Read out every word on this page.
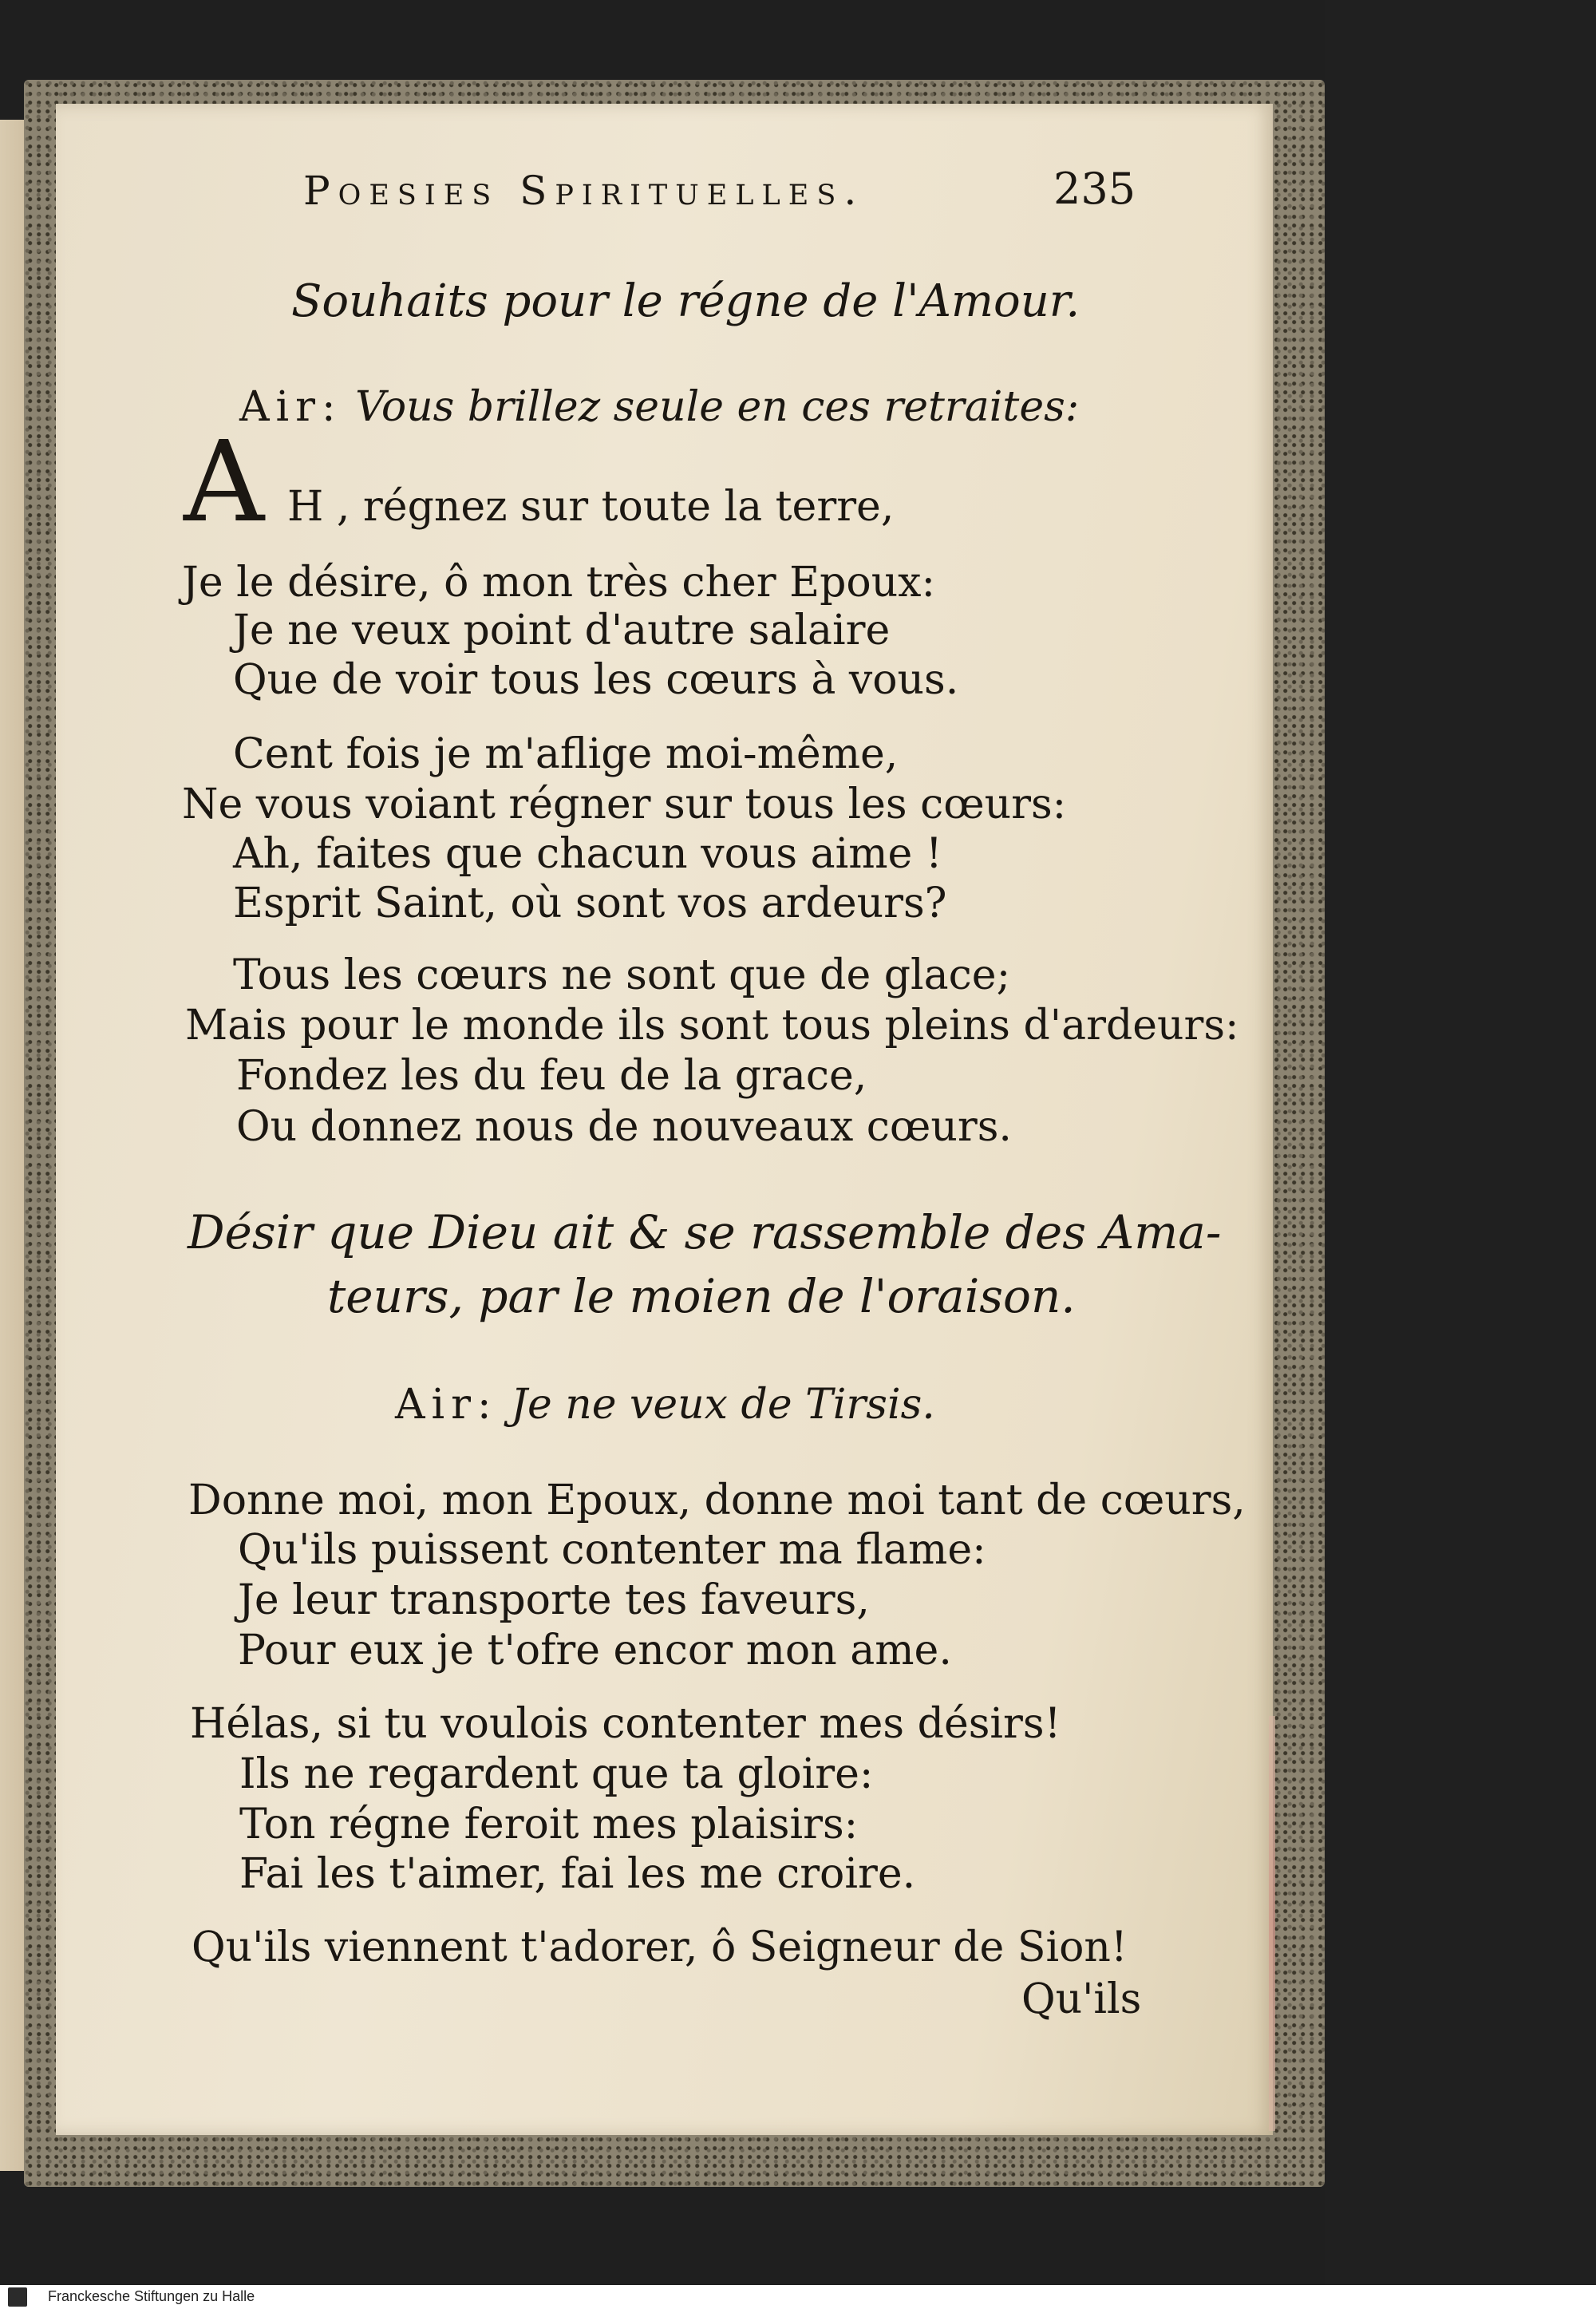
Poesies Spirituelles.	235
Souhaits pour le régne de l'Amour.
Air: Vous brillez seule en ces retraites:
A H , régnez sur toute la terre,
Je le désire, ô mon très cher Epoux:
Je ne veux point d'autre salaire
Que de voir tous les cœurs à vous.
Cent fois je m'aflige moi-même,
Ne vous voiant régner sur tous les cœurs:
Ah, faites que chacun vous aime !
Esprit Saint, où sont vos ardeurs?
Tous les cœurs ne sont que de glace;
Mais pour le monde ils sont tous pleins d'ardeurs:
Fondez les du feu de la grace,
Ou donnez nous de nouveaux cœurs.
Désir que Dieu ait & se rassemble des Ama-
teurs, par le moien de l'oraison.
Air: Je ne veux de Tirsis.
Donne moi, mon Epoux, donne moi tant de cœurs,
Qu'ils puissent contenter ma flame:
Je leur transporte tes faveurs,
Pour eux je t'ofre encor mon ame.
Hélas, si tu voulois contenter mes désirs!
Ils ne regardent que ta gloire:
Ton régne feroit mes plaisirs:
Fai les t'aimer, fai les me croire.
Qu'ils viennent t'adorer, ô Seigneur de Sion!
Qu'ils
Franckesche Stiftungen zu Halle
